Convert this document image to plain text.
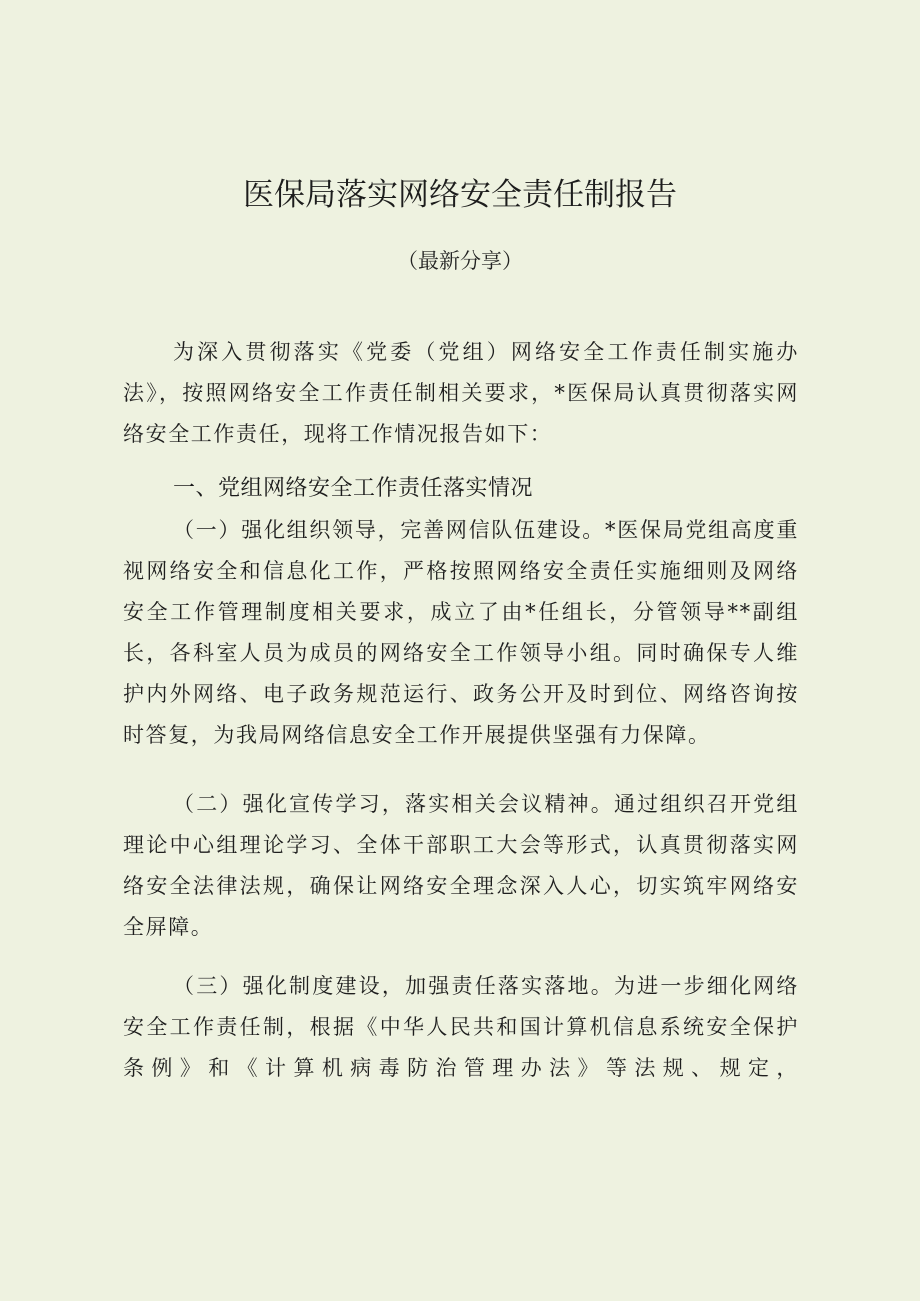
医保局落实网络安全责任制报告
（最新分享）
为深入贯彻落实《党委（党组）网络安全工作责任制实施办法》，按照网络安全工作责任制相关要求，*医保局认真贯彻落实网络安全工作责任，现将工作情况报告如下：
一、党组网络安全工作责任落实情况
（一）强化组织领导，完善网信队伍建设。*医保局党组高度重视网络安全和信息化工作，严格按照网络安全责任实施细则及网络安全工作管理制度相关要求，成立了由*任组长，分管领导**副组长，各科室人员为成员的网络安全工作领导小组。同时确保专人维护内外网络、电子政务规范运行、政务公开及时到位、网络咨询按时答复，为我局网络信息安全工作开展提供坚强有力保障。
（二）强化宣传学习，落实相关会议精神。通过组织召开党组理论中心组理论学习、全体干部职工大会等形式，认真贯彻落实网络安全法律法规，确保让网络安全理念深入人心，切实筑牢网络安全屏障。
（三）强化制度建设，加强责任落实落地。为进一步细化网络安全工作责任制，根据《中华人民共和国计算机信息系统安全保护条例》和《计算机病毒防治管理办法》等法规、规定，
